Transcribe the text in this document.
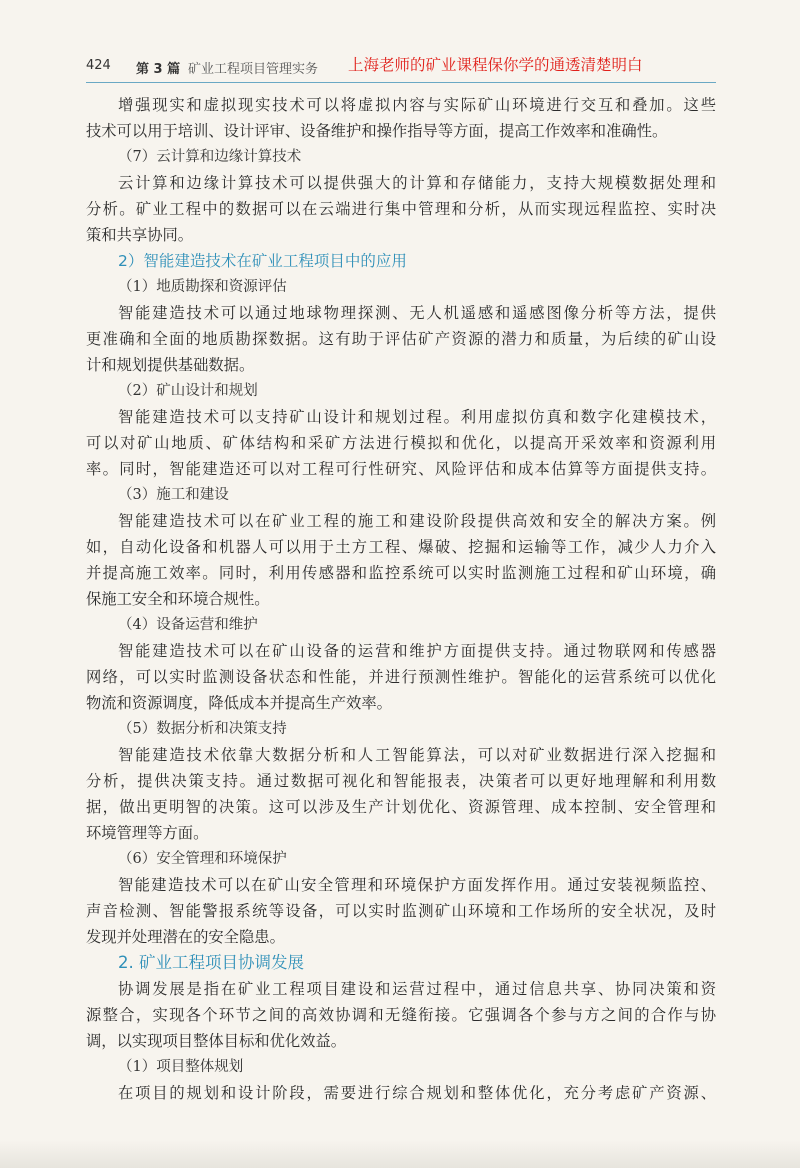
424 第 3 篇 矿业工程项目管理实务 上海老师的矿业课程保你学的通透清楚明白
增强现实和虚拟现实技术可以将虚拟内容与实际矿山环境进行交互和叠加。这些
技术可以用于培训、设计评审、设备维护和操作指导等方面，提高工作效率和准确性。
（7）云计算和边缘计算技术
云计算和边缘计算技术可以提供强大的计算和存储能力，支持大规模数据处理和
分析。矿业工程中的数据可以在云端进行集中管理和分析，从而实现远程监控、实时决
策和共享协同。
2）智能建造技术在矿业工程项目中的应用
（1）地质勘探和资源评估
智能建造技术可以通过地球物理探测、无人机遥感和遥感图像分析等方法，提供
更准确和全面的地质勘探数据。这有助于评估矿产资源的潜力和质量，为后续的矿山设
计和规划提供基础数据。
（2）矿山设计和规划
智能建造技术可以支持矿山设计和规划过程。利用虚拟仿真和数字化建模技术，
可以对矿山地质、矿体结构和采矿方法进行模拟和优化，以提高开采效率和资源利用
率。同时，智能建造还可以对工程可行性研究、风险评估和成本估算等方面提供支持。
（3）施工和建设
智能建造技术可以在矿业工程的施工和建设阶段提供高效和安全的解决方案。例
如，自动化设备和机器人可以用于土方工程、爆破、挖掘和运输等工作，减少人力介入
并提高施工效率。同时，利用传感器和监控系统可以实时监测施工过程和矿山环境，确
保施工安全和环境合规性。
（4）设备运营和维护
智能建造技术可以在矿山设备的运营和维护方面提供支持。通过物联网和传感器
网络，可以实时监测设备状态和性能，并进行预测性维护。智能化的运营系统可以优化
物流和资源调度，降低成本并提高生产效率。
（5）数据分析和决策支持
智能建造技术依靠大数据分析和人工智能算法，可以对矿业数据进行深入挖掘和
分析，提供决策支持。通过数据可视化和智能报表，决策者可以更好地理解和利用数
据，做出更明智的决策。这可以涉及生产计划优化、资源管理、成本控制、安全管理和
环境管理等方面。
（6）安全管理和环境保护
智能建造技术可以在矿山安全管理和环境保护方面发挥作用。通过安装视频监控、
声音检测、智能警报系统等设备，可以实时监测矿山环境和工作场所的安全状况，及时
发现并处理潜在的安全隐患。
2. 矿业工程项目协调发展
协调发展是指在矿业工程项目建设和运营过程中，通过信息共享、协同决策和资
源整合，实现各个环节之间的高效协调和无缝衔接。它强调各个参与方之间的合作与协
调，以实现项目整体目标和优化效益。
（1）项目整体规划
在项目的规划和设计阶段，需要进行综合规划和整体优化，充分考虑矿产资源、
